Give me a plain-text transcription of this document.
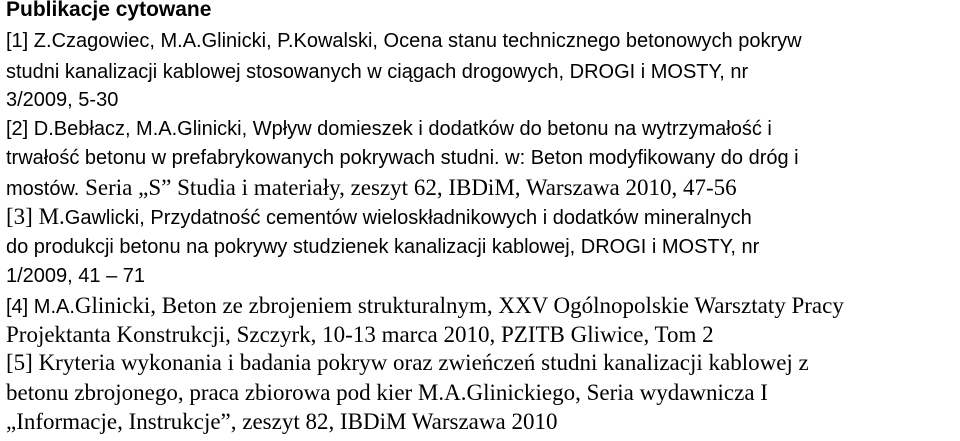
Publikacje cytowane
[1] Z.Czagowiec, M.A.Glinicki, P.Kowalski, Ocena stanu technicznego betonowych pokryw
studni kanalizacji kablowej stosowanych w ciągach drogowych, DROGI i MOSTY, nr
3/2009, 5-30
[2] D.Bebłacz, M.A.Glinicki, Wpływ domieszek i dodatków do betonu na wytrzymałość i
trwałość betonu w prefabrykowanych pokrywach studni. w: Beton modyfikowany do dróg i
mostów. Seria „S” Studia i materiały, zeszyt 62, IBDiM, Warszawa 2010, 47-56
[3] M.Gawlicki, Przydatność cementów wieloskładnikowych i dodatków mineralnych
do produkcji betonu na pokrywy studzienek kanalizacji kablowej, DROGI i MOSTY, nr
1/2009, 41 – 71
[4] M.A.Glinicki, Beton ze zbrojeniem strukturalnym, XXV Ogólnopolskie Warsztaty Pracy
Projektanta Konstrukcji, Szczyrk, 10-13 marca 2010, PZITB Gliwice, Tom 2
[5] Kryteria wykonania i badania pokryw oraz zwieńczeń studni kanalizacji kablowej z
betonu zbrojonego, praca zbiorowa pod kier M.A.Glinickiego, Seria wydawnicza I
„Informacje, Instrukcje”, zeszyt 82, IBDiM Warszawa 2010
